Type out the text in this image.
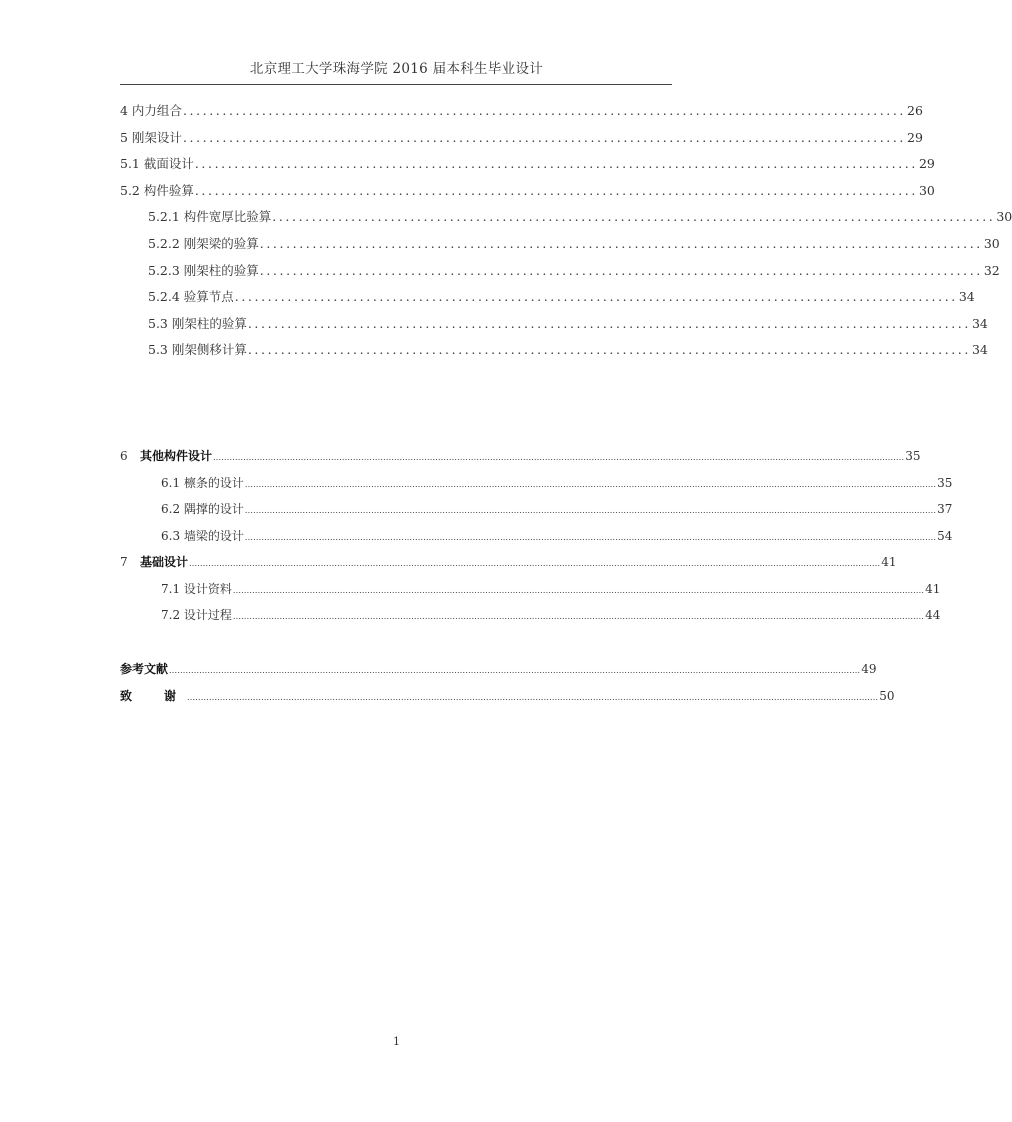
北京理工大学珠海学院 2016 届本科生毕业设计
4 内力组合 .............................................................................................................. 26
5 刚架设计 .............................................................................................................. 29
5.1 截面设计 .............................................................................................................. 29
5.2 构件验算 .............................................................................................................. 30
5.2.1 构件宽厚比验算 .............................................................................................................. 30
5.2.2 刚架梁的验算 .............................................................................................................. 30
5.2.3 刚架柱的验算 .............................................................................................................. 32
5.2.4 验算节点 .............................................................................................................. 34
5.3 刚架柱的验算 .............................................................................................................. 34
5.3 刚架侧移计算 .............................................................................................................. 34
6 其他构件设计 ............................................................................................................................................................................................................................................................ 35
6.1 檩条的设计 ............................................................................................................................................................................................................................................................ 35
6.2 隅撑的设计 ............................................................................................................................................................................................................................................................ 37
6.3 墙梁的设计 ............................................................................................................................................................................................................................................................ 54
7 基础设计 ............................................................................................................................................................................................................................................................ 41
7.1 设计资料 ............................................................................................................................................................................................................................................................ 41
7.2 设计过程 ............................................................................................................................................................................................................................................................ 44
参考文献 ............................................................................................................................................................................................................................................................ 49
致　谢 ............................................................................................................................................................................................................................................................ 50
1
